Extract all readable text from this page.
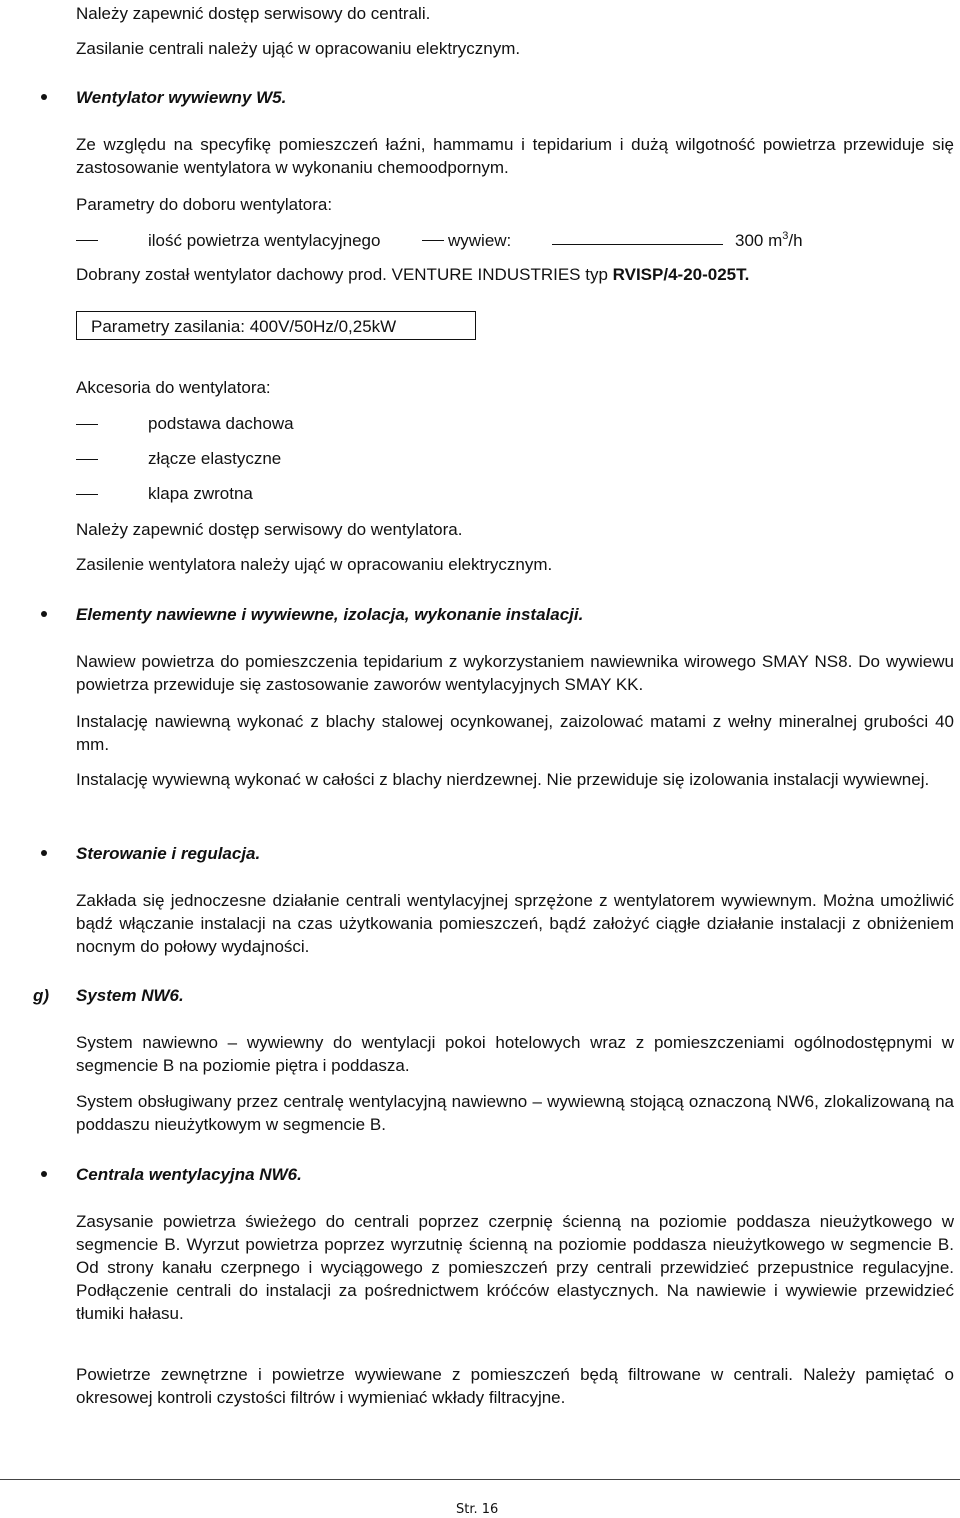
Należy zapewnić dostęp serwisowy do centrali.
Zasilanie centrali należy ująć w opracowaniu elektrycznym.
Wentylator wywiewny W5.
Ze względu na specyfikę pomieszczeń łaźni, hammamu i tepidarium i dużą wilgotność powietrza przewiduje się zastosowanie wentylatora w wykonaniu chemoodpornym.
Parametry do doboru wentylatora:
ilość powietrza wentylacyjnego	wywiew:	300 $m^3/h$
Dobrany został wentylator dachowy prod. VENTURE INDUSTRIES typ RVISP/4-20-025T.
Parametry zasilania: 400V/50Hz/0,25kW
Akcesoria do wentylatora:
podstawa dachowa
złącze elastyczne
klapa zwrotna
Należy zapewnić dostęp serwisowy do wentylatora.
Zasilenie wentylatora należy ująć w opracowaniu elektrycznym.
Elementy nawiewne i wywiewne, izolacja, wykonanie instalacji.
Nawiew powietrza do pomieszczenia tepidarium z wykorzystaniem nawiewnika wirowego SMAY NS8. Do wywiewu powietrza przewiduje się zastosowanie zaworów wentylacyjnych SMAY KK.
Instalację nawiewną wykonać z blachy stalowej ocynkowanej, zaizolować matami z wełny mineralnej grubości 40 mm.
Instalację wywiewną wykonać w całości z blachy nierdzewnej. Nie przewiduje się izolowania instalacji wywiewnej.
Sterowanie i regulacja.
Zakłada się jednoczesne działanie centrali wentylacyjnej sprzężone z wentylatorem wywiewnym. Można umożliwić bądź włączanie instalacji na czas użytkowania pomieszczeń, bądź założyć ciągłe działanie instalacji z obniżeniem nocnym do połowy wydajności.
g) System NW6.
System nawiewno – wywiewny do wentylacji pokoi hotelowych wraz z pomieszczeniami ogólnodostępnymi w segmencie B na poziomie piętra i poddasza.
System obsługiwany przez centralę wentylacyjną nawiewno – wywiewną stojącą oznaczoną NW6, zlokalizowaną na poddaszu nieużytkowym w segmencie B.
Centrala wentylacyjna NW6.
Zasysanie powietrza świeżego do centrali poprzez czerpnię ścienną na poziomie poddasza nieużytkowego w segmencie B. Wyrzut powietrza poprzez wyrzutnię ścienną na poziomie poddasza nieużytkowego w segmencie B. Od strony kanału czerpnego i wyciągowego z pomieszczeń przy centrali przewidzieć przepustnice regulacyjne. Podłączenie centrali do instalacji za pośrednictwem króćców elastycznych. Na nawiewie i wywiewie przewidzieć tłumiki hałasu.
Powietrze zewnętrzne i powietrze wywiewane z pomieszczeń będą filtrowane w centrali. Należy pamiętać o okresowej kontroli czystości filtrów i wymieniać wkłady filtracyjne.
Str. 16
